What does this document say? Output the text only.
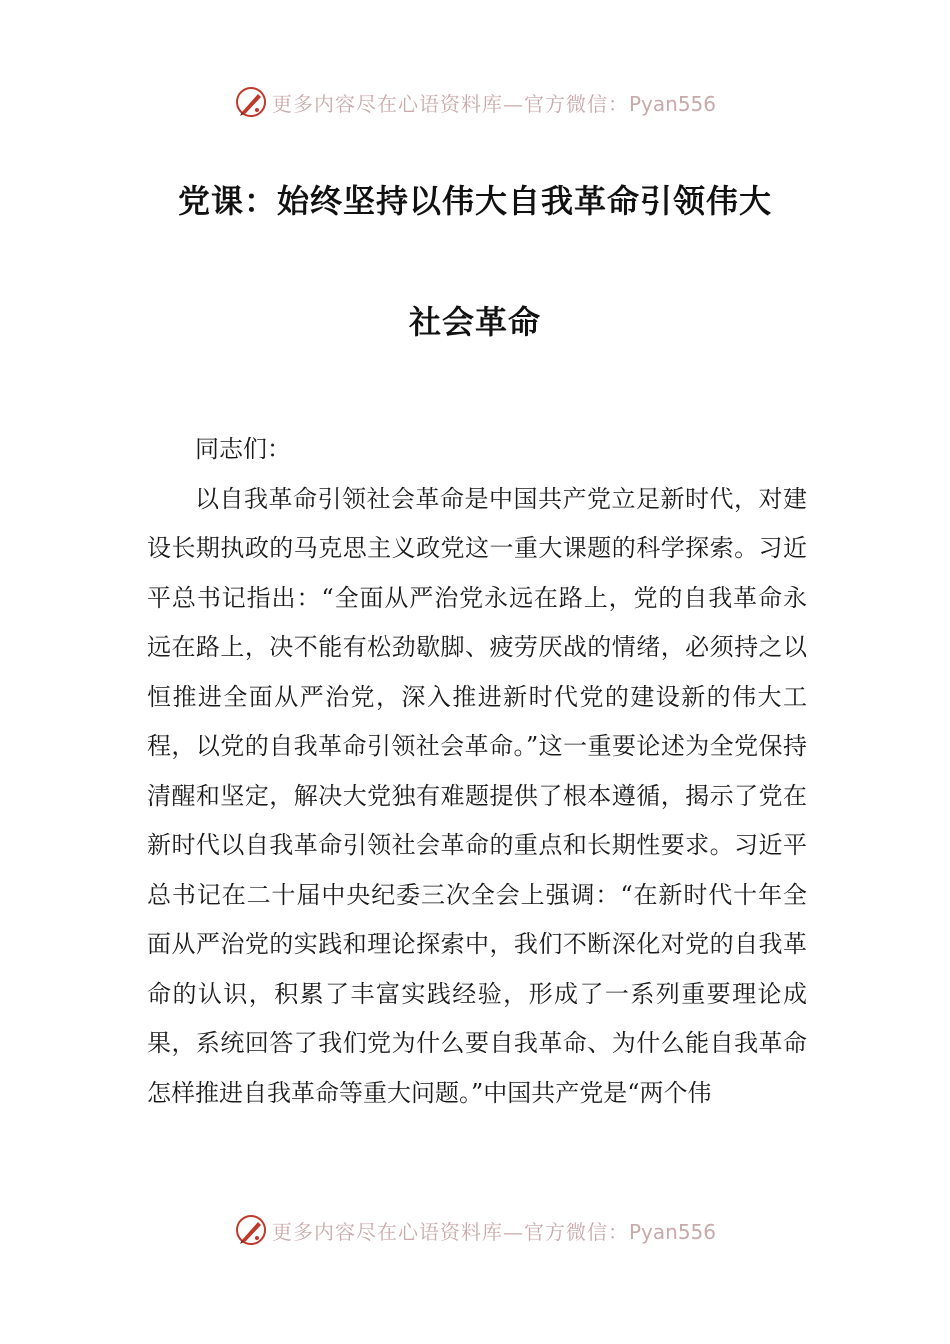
更多内容尽在心语资料库—官方微信：Pyan556
党课：始终坚持以伟大自我革命引领伟大
社会革命

同志们：

以自我革命引领社会革命是中国共产党立足新时代，对建设长期执政的马克思主义政党这一重大课题的科学探索。习近平总书记指出：“全面从严治党永远在路上，党的自我革命永远在路上，决不能有松劲歇脚、疲劳厌战的情绪，必须持之以恒推进全面从严治党，深入推进新时代党的建设新的伟大工程，以党的自我革命引领社会革命。”这一重要论述为全党保持清醒和坚定，解决大党独有难题提供了根本遵循，揭示了党在新时代以自我革命引领社会革命的重点和长期性要求。习近平总书记在二十届中央纪委三次全会上强调：“在新时代十年全面从严治党的实践和理论探索中，我们不断深化对党的自我革命的认识，积累了丰富实践经验，形成了一系列重要理论成果，系统回答了我们党为什么要自我革命、为什么能自我革命怎样推进自我革命等重大问题。”中国共产党是“两个伟

更多内容尽在心语资料库—官方微信：Pyan556
